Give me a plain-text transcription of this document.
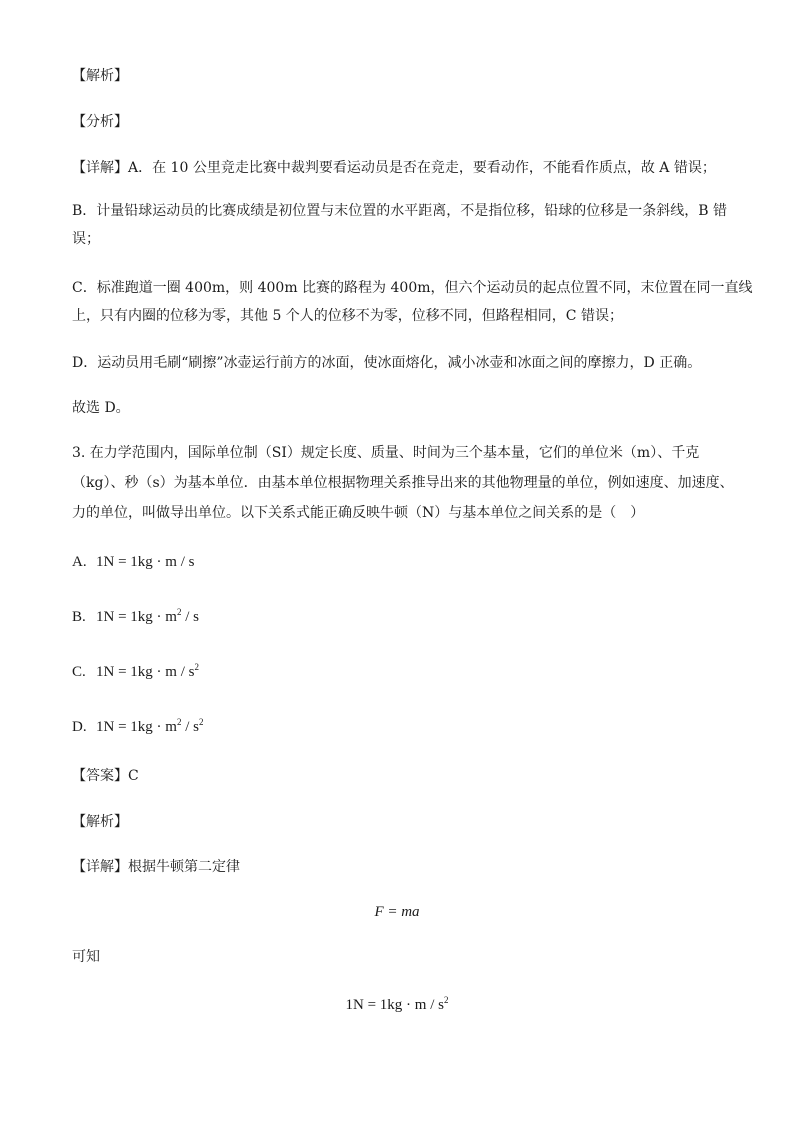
【解析】
【分析】
【详解】A．在 10 公里竞走比赛中裁判要看运动员是否在竞走，要看动作，不能看作质点，故 A 错误；
B．计量铅球运动员的比赛成绩是初位置与末位置的水平距离，不是指位移，铅球的位移是一条斜线，B 错
误；
C．标准跑道一圈 400m，则 400m 比赛的路程为 400m，但六个运动员的起点位置不同，末位置在同一直线
上，只有内圈的位移为零，其他 5 个人的位移不为零，位移不同，但路程相同，C 错误；
D．运动员用毛刷“刷擦”冰壶运行前方的冰面，使冰面熔化，减小冰壶和冰面之间的摩擦力，D 正确。
故选 D。
3. 在力学范围内，国际单位制（SI）规定长度、质量、时间为三个基本量，它们的单位米（m）、千克
（kg）、秒（s）为基本单位．由基本单位根据物理关系推导出来的其他物理量的单位，例如速度、加速度、
力的单位，叫做导出单位。以下关系式能正确反映牛顿（N）与基本单位之间关系的是（　）
A. 1N = 1kg · m / s
B. $1N = 1kg \cdot m^2 / s$
C. $1N = 1kg \cdot m / s^2$
D. $1N = 1kg \cdot m^2 / s^2$
【答案】C
【解析】
【详解】根据牛顿第二定律
F = ma
可知
$1N = 1kg \cdot m / s^2$
